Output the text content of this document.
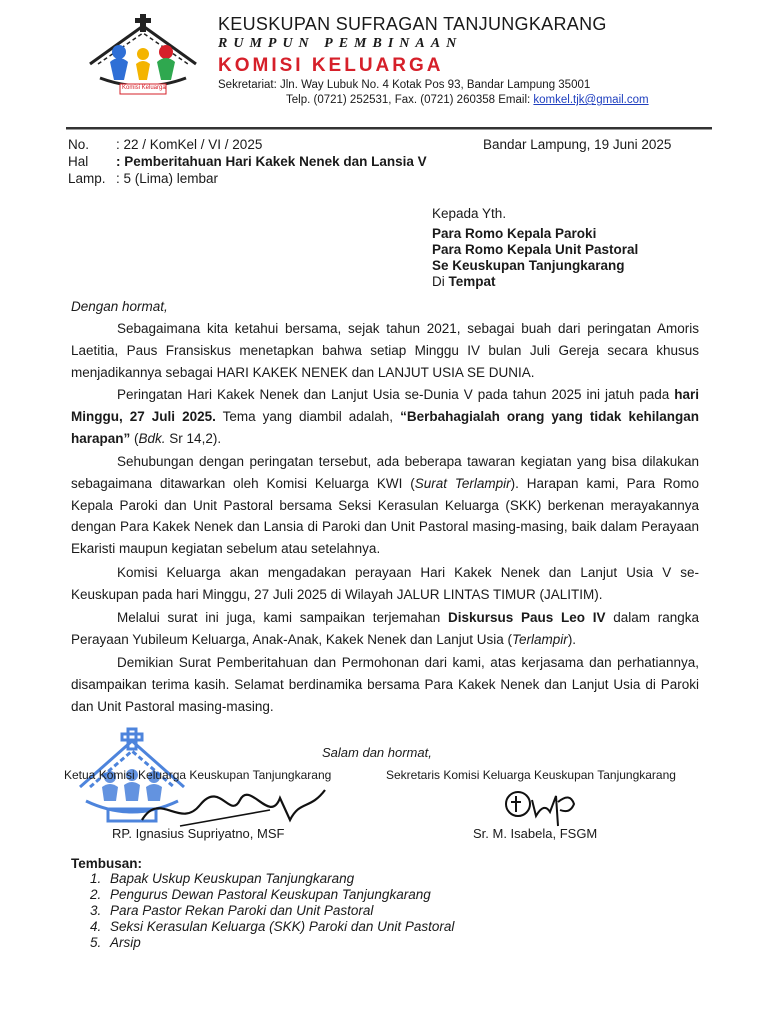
Komisi Keluarga
KEUSKUPAN SUFRAGAN TANJUNGKARANG
RUMPUN PEMBINAAN
KOMISI KELUARGA
Sekretariat: Jln. Way Lubuk No. 4 Kotak Pos 93, Bandar Lampung 35001
Telp. (0721) 252531, Fax. (0721) 260358 Email: komkel.tjk@gmail.com
No. : 22 / KomKel / VI / 2025
Hal : Pemberitahuan Hari Kakek Nenek dan Lansia V
Lamp. : 5 (Lima) lembar
Bandar Lampung, 19 Juni 2025
Kepada Yth.
Para Romo Kepala Paroki
Para Romo Kepala Unit Pastoral
Se Keuskupan Tanjungkarang
Di Tempat
Dengan hormat,

Sebagaimana kita ketahui bersama, sejak tahun 2021, sebagai buah dari peringatan Amoris Laetitia, Paus Fransiskus menetapkan bahwa setiap Minggu IV bulan Juli Gereja secara khusus menjadikannya sebagai HARI KAKEK NENEK dan LANJUT USIA SE DUNIA.

Peringatan Hari Kakek Nenek dan Lanjut Usia se-Dunia V pada tahun 2025 ini jatuh pada hari Minggu, 27 Juli 2025. Tema yang diambil adalah, “Berbahagialah orang yang tidak kehilangan harapan” (Bdk. Sr 14,2).

Sehubungan dengan peringatan tersebut, ada beberapa tawaran kegiatan yang bisa dilakukan sebagaimana ditawarkan oleh Komisi Keluarga KWI (Surat Terlampir). Harapan kami, Para Romo Kepala Paroki dan Unit Pastoral bersama Seksi Kerasulan Keluarga (SKK) berkenan merayakannya dengan Para Kakek Nenek dan Lansia di Paroki dan Unit Pastoral masing-masing, baik dalam Perayaan Ekaristi maupun kegiatan sebelum atau setelahnya.

Komisi Keluarga akan mengadakan perayaan Hari Kakek Nenek dan Lanjut Usia V se-Keuskupan pada hari Minggu, 27 Juli 2025 di Wilayah JALUR LINTAS TIMUR (JALITIM).

Melalui surat ini juga, kami sampaikan terjemahan Diskursus Paus Leo IV dalam rangka Perayaan Yubileum Keluarga, Anak-Anak, Kakek Nenek dan Lanjut Usia (Terlampir).

Demikian Surat Pemberitahuan dan Permohonan dari kami, atas kerjasama dan perhatiannya, disampaikan terima kasih. Selamat berdinamika bersama Para Kakek Nenek dan Lanjut Usia di Paroki dan Unit Pastoral masing-masing.

Salam dan hormat,
Ketua Komisi Keluarga Keuskupan Tanjungkarang	Sekretaris Komisi Keluarga Keuskupan Tanjungkarang
RP. Ignasius Supriyatno, MSF	Sr. M. Isabela, FSGM
Tembusan:
1. Bapak Uskup Keuskupan Tanjungkarang
2. Pengurus Dewan Pastoral Keuskupan Tanjungkarang
3. Para Pastor Rekan Paroki dan Unit Pastoral
4. Seksi Kerasulan Keluarga (SKK) Paroki dan Unit Pastoral
5. Arsip
